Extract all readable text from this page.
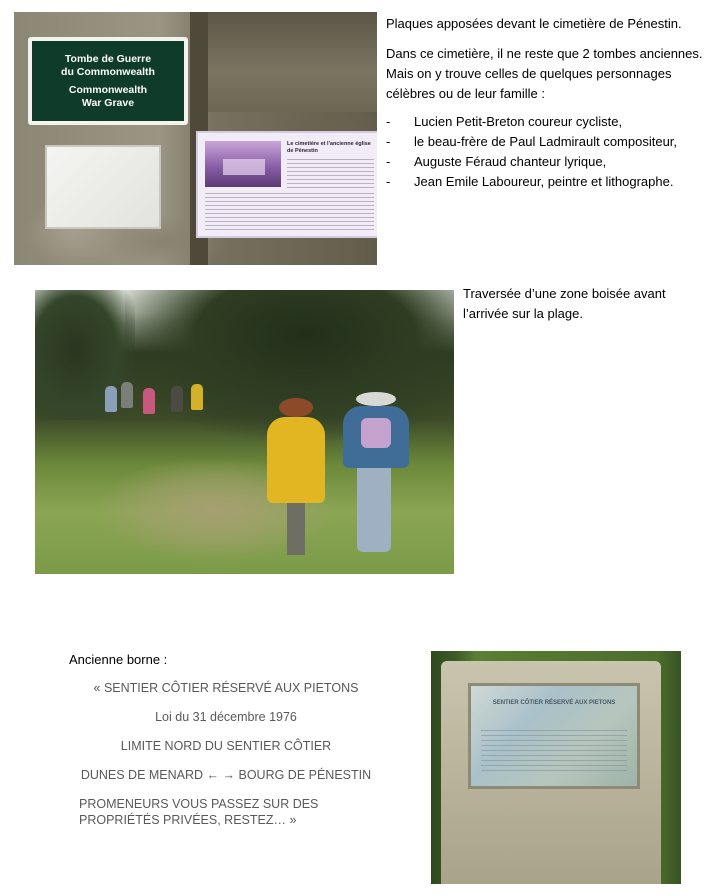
Tombe de Guerre
du Commonwealth
Commonwealth
War Grave
Le cimetière et l'ancienne église de Pénestin

Plaques apposées devant le cimetière de Pénestin.

Dans ce cimetière, il ne reste que 2 tombes anciennes. Mais on y trouve celles de quelques personnages célèbres ou de leur famille :

- Lucien Petit-Breton coureur cycliste,
- le beau-frère de Paul Ladmirault compositeur,
- Auguste Féraud chanteur lyrique,
- Jean Emile Laboureur, peintre et lithographe.
Traversée d’une zone boisée avant l’arrivée sur la plage.
Ancienne borne :

« SENTIER CÔTIER RÉSERVÉ AUX PIETONS

Loi du 31 décembre 1976

LIMITE NORD DU SENTIER CÔTIER

DUNES DE MENARD ← → BOURG DE PÉNESTIN

PROMENEURS VOUS PASSEZ SUR DES PROPRIÉTÉS PRIVÉES, RESTEZ… »

SENTIER CÔTIER RÉSERVÉ AUX PIETONS
